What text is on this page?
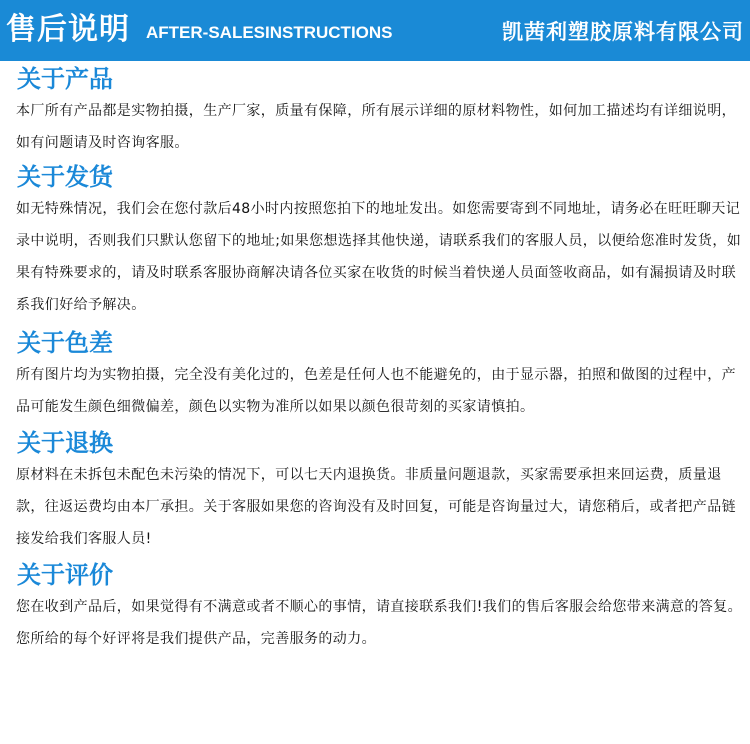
售后说明 AFTER-SALESINSTRUCTIONS	凯茜利塑胶原料有限公司
关于产品
本厂所有产品都是实物拍摄，生产厂家，质量有保障，所有展示详细的原材料物性，如何加工描述均有详细说明，如有问题请及时咨询客服。
关于发货
如无特殊情况，我们会在您付款后48小时内按照您拍下的地址发出。如您需要寄到不同地址，请务必在旺旺聊天记录中说明，否则我们只默认您留下的地址;如果您想选择其他快递，请联系我们的客服人员，以便给您准时发货，如果有特殊要求的，请及时联系客服协商解决请各位买家在收货的时候当着快递人员面签收商品，如有漏损请及时联系我们好给予解决。
关于色差
所有图片均为实物拍摄，完全没有美化过的，色差是任何人也不能避免的，由于显示器，拍照和做图的过程中，产品可能发生颜色细微偏差，颜色以实物为准所以如果以颜色很苛刻的买家请慎拍。
关于退换
原材料在未拆包未配色未污染的情况下，可以七天内退换货。非质量问题退款，买家需要承担来回运费，质量退款，往返运费均由本厂承担。关于客服如果您的咨询没有及时回复，可能是咨询量过大，请您稍后，或者把产品链接发给我们客服人员!
关于评价
您在收到产品后，如果觉得有不满意或者不顺心的事情，请直接联系我们!我们的售后客服会给您带来满意的答复。您所给的每个好评将是我们提供产品，完善服务的动力。
